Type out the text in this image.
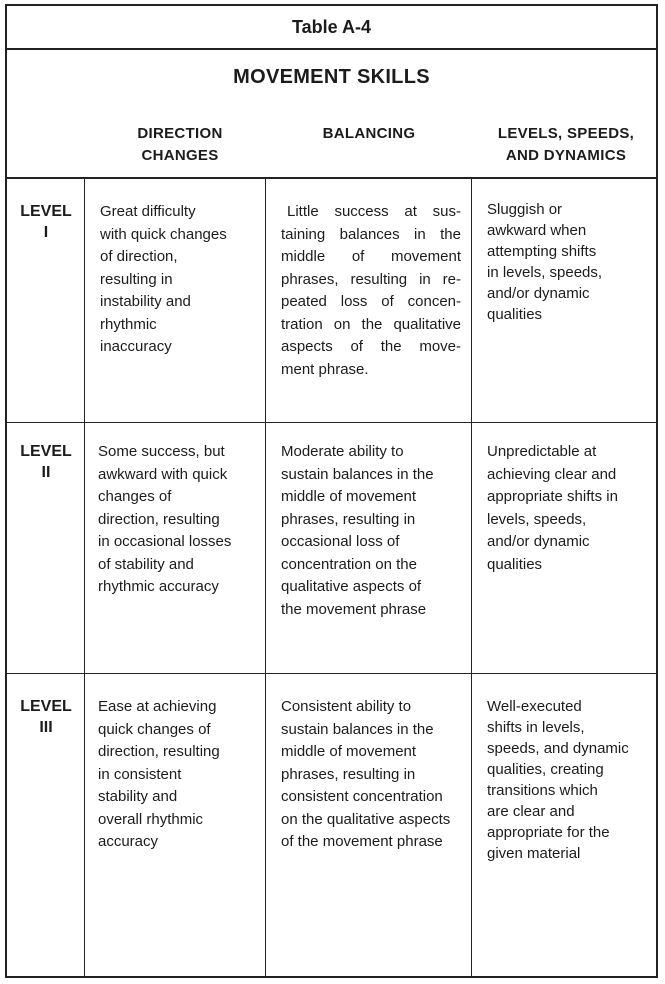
Table A-4
MOVEMENT SKILLS
DIRECTION
CHANGES
BALANCING	LEVELS, SPEEDS,
AND DYNAMICS
LEVEL
I
Great difficulty
with quick changes
of direction,
resulting in
instability and
rhythmic
inaccuracy
Little success at sus-
taining balances in the
middle of movement
phrases, resulting in re-
peated loss of concen-
tration on the qualitative
aspects of the move-
ment phrase.
Sluggish or
awkward when
attempting shifts
in levels, speeds,
and/or dynamic
qualities
LEVEL
II
Some success, but
awkward with quick
changes of
direction, resulting
in occasional losses
of stability and
rhythmic accuracy
Moderate ability to
sustain balances in the
middle of movement
phrases, resulting in
occasional loss of
concentration on the
qualitative aspects of
the movement phrase
Unpredictable at
achieving clear and
appropriate shifts in
levels, speeds,
and/or dynamic
qualities
LEVEL
III
Ease at achieving
quick changes of
direction, resulting
in consistent
stability and
overall rhythmic
accuracy
Consistent ability to
sustain balances in the
middle of movement
phrases, resulting in
consistent concentration
on the qualitative aspects
of the movement phrase
Well-executed
shifts in levels,
speeds, and dynamic
qualities, creating
transitions which
are clear and
appropriate for the
given material
